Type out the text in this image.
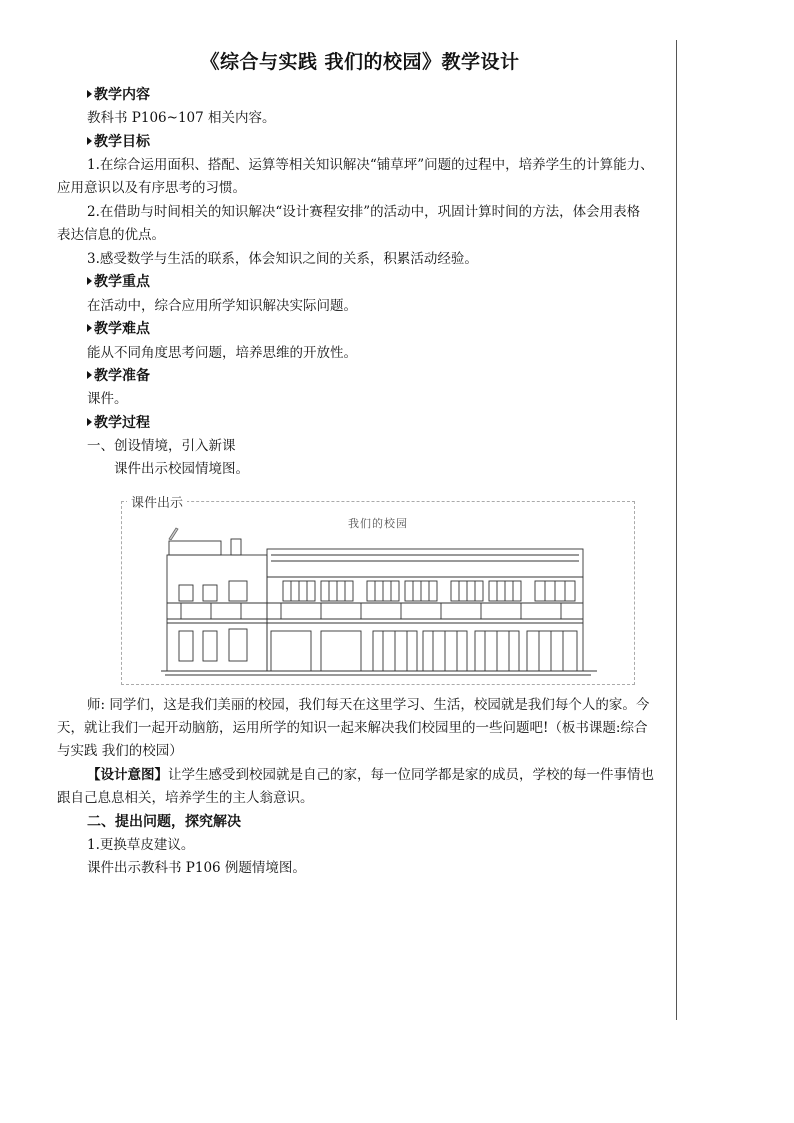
《综合与实践 我们的校园》教学设计
教学内容
教科书 P106~107 相关内容。
教学目标
1.在综合运用面积、搭配、运算等相关知识解决“铺草坪”问题的过程中，培养学生的计算能力、
应用意识以及有序思考的习惯。
2.在借助与时间相关的知识解决“设计赛程安排”的活动中，巩固计算时间的方法，体会用表格
表达信息的优点。
3.感受数学与生活的联系，体会知识之间的关系，积累活动经验。
教学重点
在活动中，综合应用所学知识解决实际问题。
教学难点
能从不同角度思考问题，培养思维的开放性。
教学准备
课件。
教学过程
一、创设情境，引入新课
课件出示校园情境图。
课件出示
我们的校园
师: 同学们，这是我们美丽的校园，我们每天在这里学习、生活，校园就是我们每个人的家。今
天，就让我们一起开动脑筋，运用所学的知识一起来解决我们校园里的一些问题吧!（板书课题:综合
与实践 我们的校园）
【设计意图】让学生感受到校园就是自己的家，每一位同学都是家的成员，学校的每一件事情也
跟自己息息相关，培养学生的主人翁意识。
二、提出问题，探究解决
1.更换草皮建议。
课件出示教科书 P106 例题情境图。
